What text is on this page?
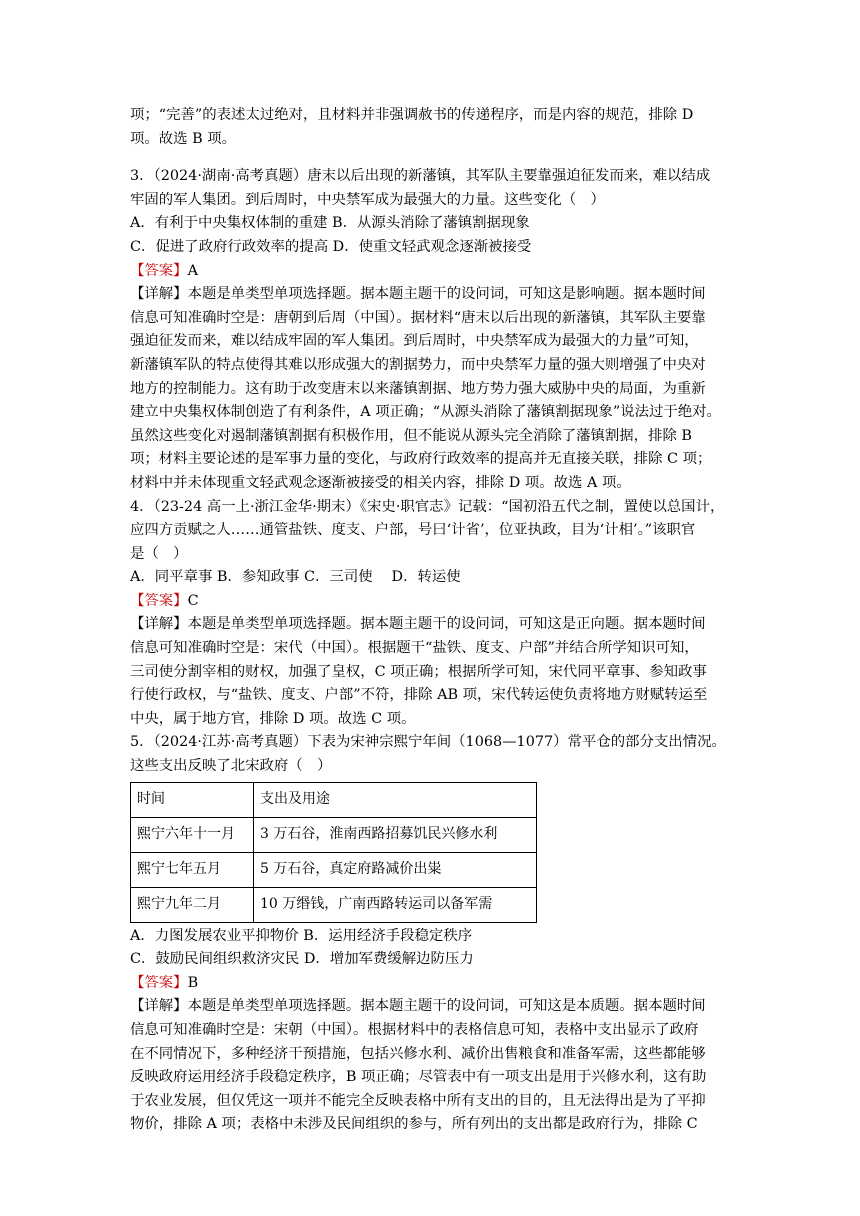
项；“完善”的表述太过绝对，且材料并非强调赦书的传递程序，而是内容的规范，排除 D

项。故选 B 项。

3．（2024·湖南·高考真题）唐末以后出现的新藩镇，其军队主要靠强迫征发而来，难以结成

牢固的军人集团。到后周时，中央禁军成为最强大的力量。这些变化（　）

A．有利于中央集权体制的重建 B．从源头消除了藩镇割据现象

C．促进了政府行政效率的提高 D．使重文轻武观念逐渐被接受

【答案】A

【详解】本题是单类型单项选择题。据本题主题干的设问词，可知这是影响题。据本题时间

信息可知准确时空是：唐朝到后周（中国）。据材料“唐末以后出现的新藩镇，其军队主要靠

强迫征发而来，难以结成牢固的军人集团。到后周时，中央禁军成为最强大的力量”可知，

新藩镇军队的特点使得其难以形成强大的割据势力，而中央禁军力量的强大则增强了中央对

地方的控制能力。这有助于改变唐末以来藩镇割据、地方势力强大威胁中央的局面，为重新

建立中央集权体制创造了有利条件，A 项正确；“从源头消除了藩镇割据现象”说法过于绝对。

虽然这些变化对遏制藩镇割据有积极作用，但不能说从源头完全消除了藩镇割据，排除 B

项；材料主要论述的是军事力量的变化，与政府行政效率的提高并无直接关联，排除 C 项；

材料中并未体现重文轻武观念逐渐被接受的相关内容，排除 D 项。故选 A 项。

4．（23-24 高一上·浙江金华·期末）《宋史·职官志》记载：“国初沿五代之制，置使以总国计，

应四方贡赋之人……通管盐铁、度支、户部，号曰‘计省’，位亚执政，目为‘计相’。”该职官

是（　）

A．同平章事 B．参知政事 C．三司使　 D．转运使

【答案】C

【详解】本题是单类型单项选择题。据本题主题干的设问词，可知这是正向题。据本题时间

信息可知准确时空是：宋代（中国）。根据题干“盐铁、度支、户部”并结合所学知识可知，

三司使分割宰相的财权，加强了皇权，C 项正确；根据所学可知，宋代同平章事、参知政事

行使行政权，与“盐铁、度支、户部”不符，排除 AB 项，宋代转运使负责将地方财赋转运至

中央，属于地方官，排除 D 项。故选 C 项。

5．（2024·江苏·高考真题）下表为宋神宗熙宁年间（1068—1077）常平仓的部分支出情况。

这些支出反映了北宋政府（　）

时间	支出及用途
熙宁六年十一月	3 万石谷，淮南西路招募饥民兴修水利
熙宁七年五月	5 万石谷，真定府路减价出粜
熙宁九年二月	10 万缗钱，广南西路转运司以备军需

A．力图发展农业平抑物价 B．运用经济手段稳定秩序

C．鼓励民间组织救济灾民 D．增加军费缓解边防压力

【答案】B

【详解】本题是单类型单项选择题。据本题主题干的设问词，可知这是本质题。据本题时间

信息可知准确时空是：宋朝（中国）。根据材料中的表格信息可知，表格中支出显示了政府

在不同情况下，多种经济干预措施，包括兴修水利、减价出售粮食和准备军需，这些都能够

反映政府运用经济手段稳定秩序，B 项正确；尽管表中有一项支出是用于兴修水利，这有助

于农业发展，但仅凭这一项并不能完全反映表格中所有支出的目的，且无法得出是为了平抑

物价，排除 A 项；表格中未涉及民间组织的参与，所有列出的支出都是政府行为，排除 C
